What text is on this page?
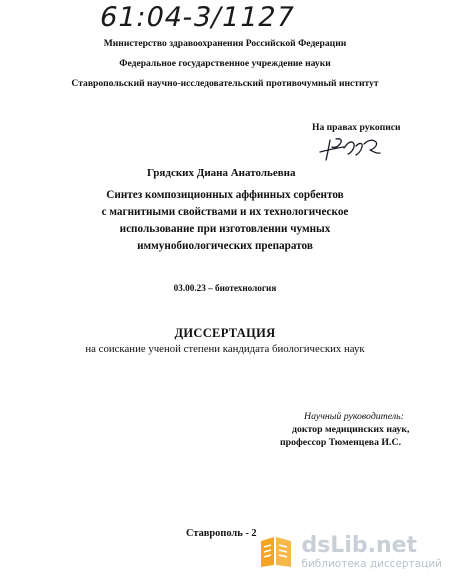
61:04-3/1127
Министерство здравоохранения Российской Федерации
Федеральное государственное учреждение науки
Ставропольский научно-исследовательский противочумный институт
На правах рукописи
Грядских Диана Анатольевна
Синтез композиционных аффинных сорбентов
с магнитными свойствами и их технологическое
использование при изготовлении чумных
иммунобиологических препаратов
03.00.23 – биотехнология
ДИССЕРТАЦИЯ
на соискание ученой степени кандидата биологических наук
Научный руководитель:
доктор медицинских наук,
профессор Тюменцева И.С.
Ставрополь - 2 dsLib.net
библиотека диссертаций
